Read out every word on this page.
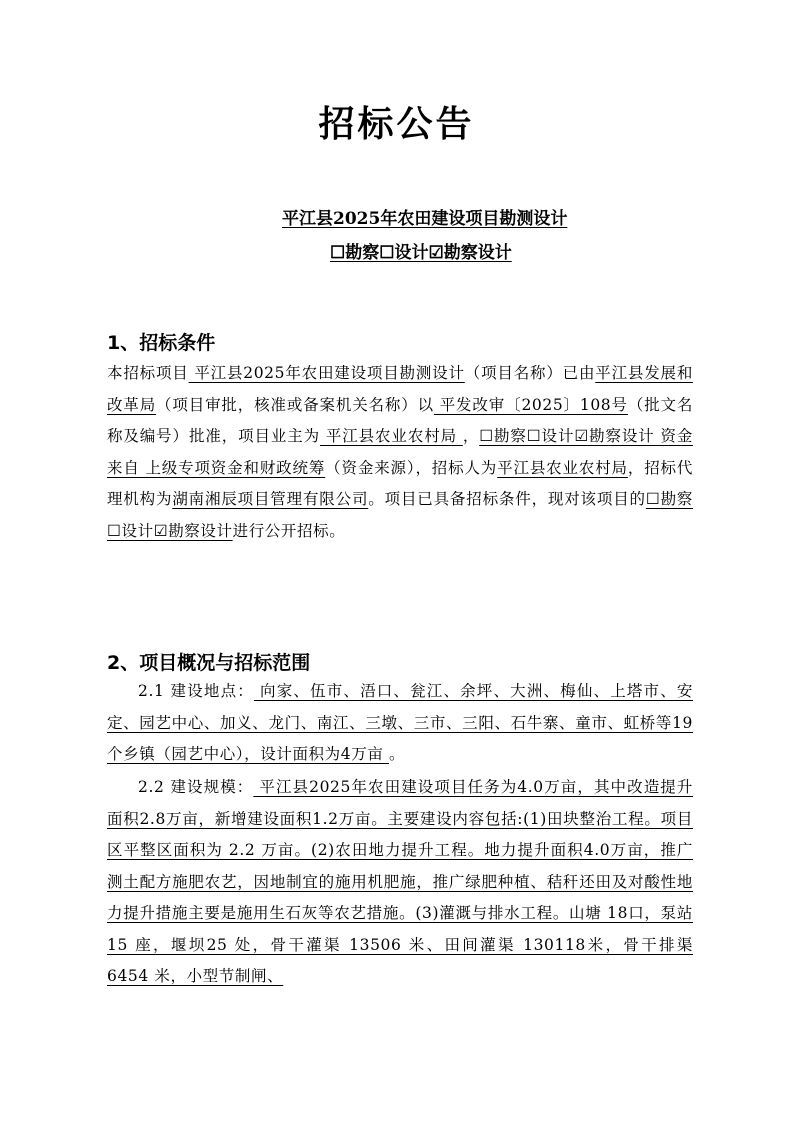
招标公告
平江县2025年农田建设项目勘测设计
☐勘察☐设计☑勘察设计
1、招标条件

本招标项目 平江县2025年农田建设项目勘测设计（项目名称）已由平江县发展和改革局（项目审批，核准或备案机关名称）以 平发改审〔2025〕108号（批文名称及编号）批准，项目业主为 平江县农业农村局 ，☐勘察☐设计☑勘察设计 资金来自 上级专项资金和财政统筹（资金来源），招标人为平江县农业农村局，招标代理机构为湖南湘辰项目管理有限公司。项目已具备招标条件，现对该项目的☐勘察☐设计☑勘察设计进行公开招标。

2、项目概况与招标范围

2.1 建设地点： 向家、伍市、浯口、瓮江、余坪、大洲、梅仙、上塔市、安定、园艺中心、加义、龙门、南江、三墩、三市、三阳、石牛寨、童市、虹桥等19个乡镇（园艺中心），设计面积为4万亩 。

2.2 建设规模： 平江县2025年农田建设项目任务为4.0万亩，其中改造提升面积2.8万亩，新增建设面积1.2万亩。主要建设内容包括:(1)田块整治工程。项目区平整区面积为 2.2 万亩。(2)农田地力提升工程。地力提升面积4.0万亩，推广测土配方施肥农艺，因地制宜的施用机肥施，推广绿肥种植、秸秆还田及对酸性地力提升措施主要是施用生石灰等农艺措施。(3)灌溉与排水工程。山塘 18口，泵站15 座，堰坝25 处，骨干灌渠 13506 米、田间灌渠 130118米，骨干排渠 6454 米，小型节制闸、
